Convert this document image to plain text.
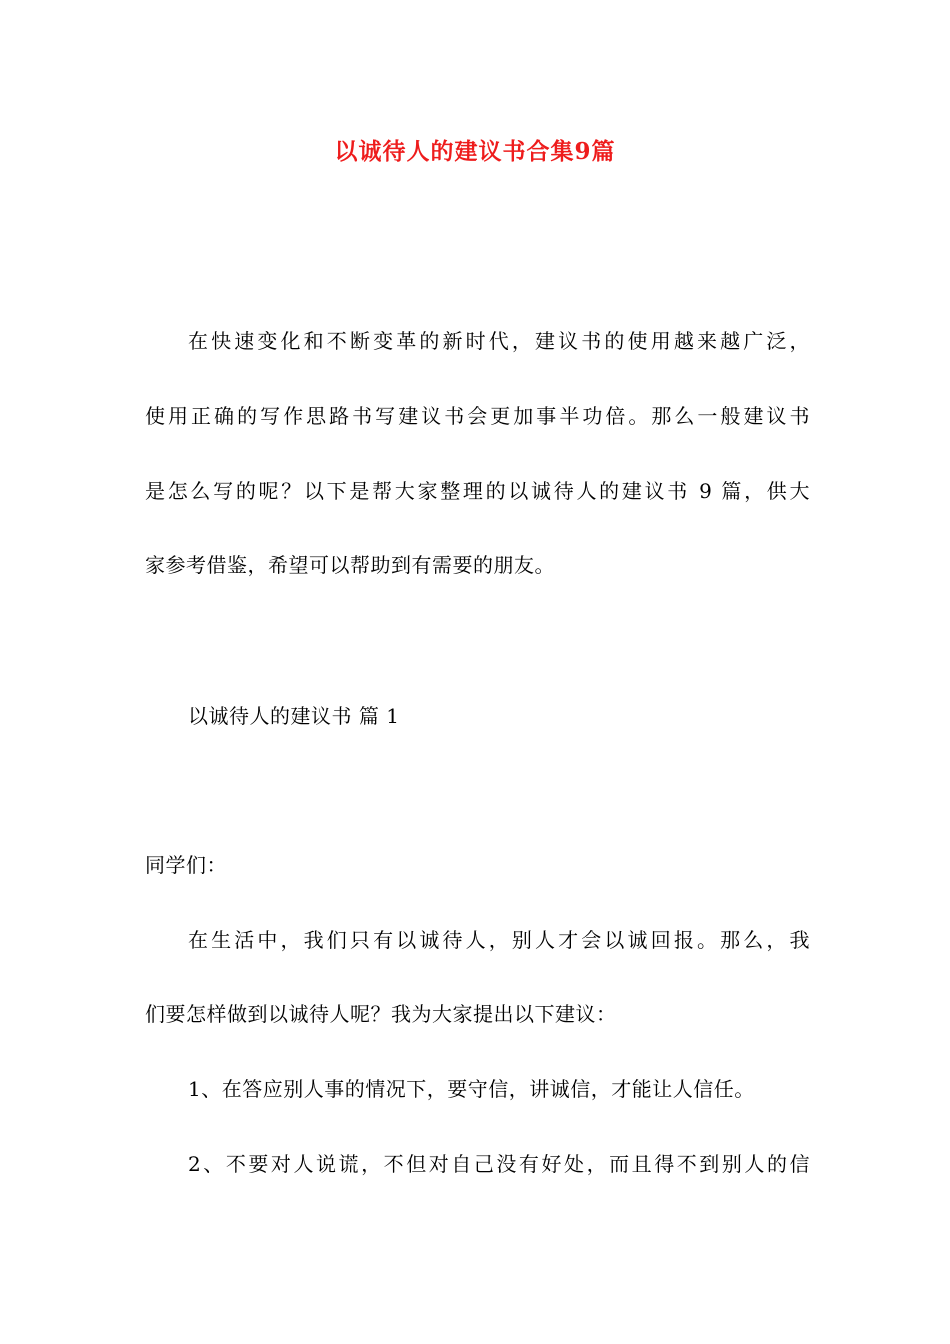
以诚待人的建议书合集9篇
在快速变化和不断变革的新时代，建议书的使用越来越广泛，
使用正确的写作思路书写建议书会更加事半功倍。那么一般建议书
是怎么写的呢？以下是帮大家整理的以诚待人的建议书 9 篇，供大
家参考借鉴，希望可以帮助到有需要的朋友。
以诚待人的建议书 篇 1
同学们：
在生活中，我们只有以诚待人，别人才会以诚回报。那么，我
们要怎样做到以诚待人呢？我为大家提出以下建议：
1、在答应别人事的情况下，要守信，讲诚信，才能让人信任。
2、不要对人说谎，不但对自己没有好处，而且得不到别人的信
